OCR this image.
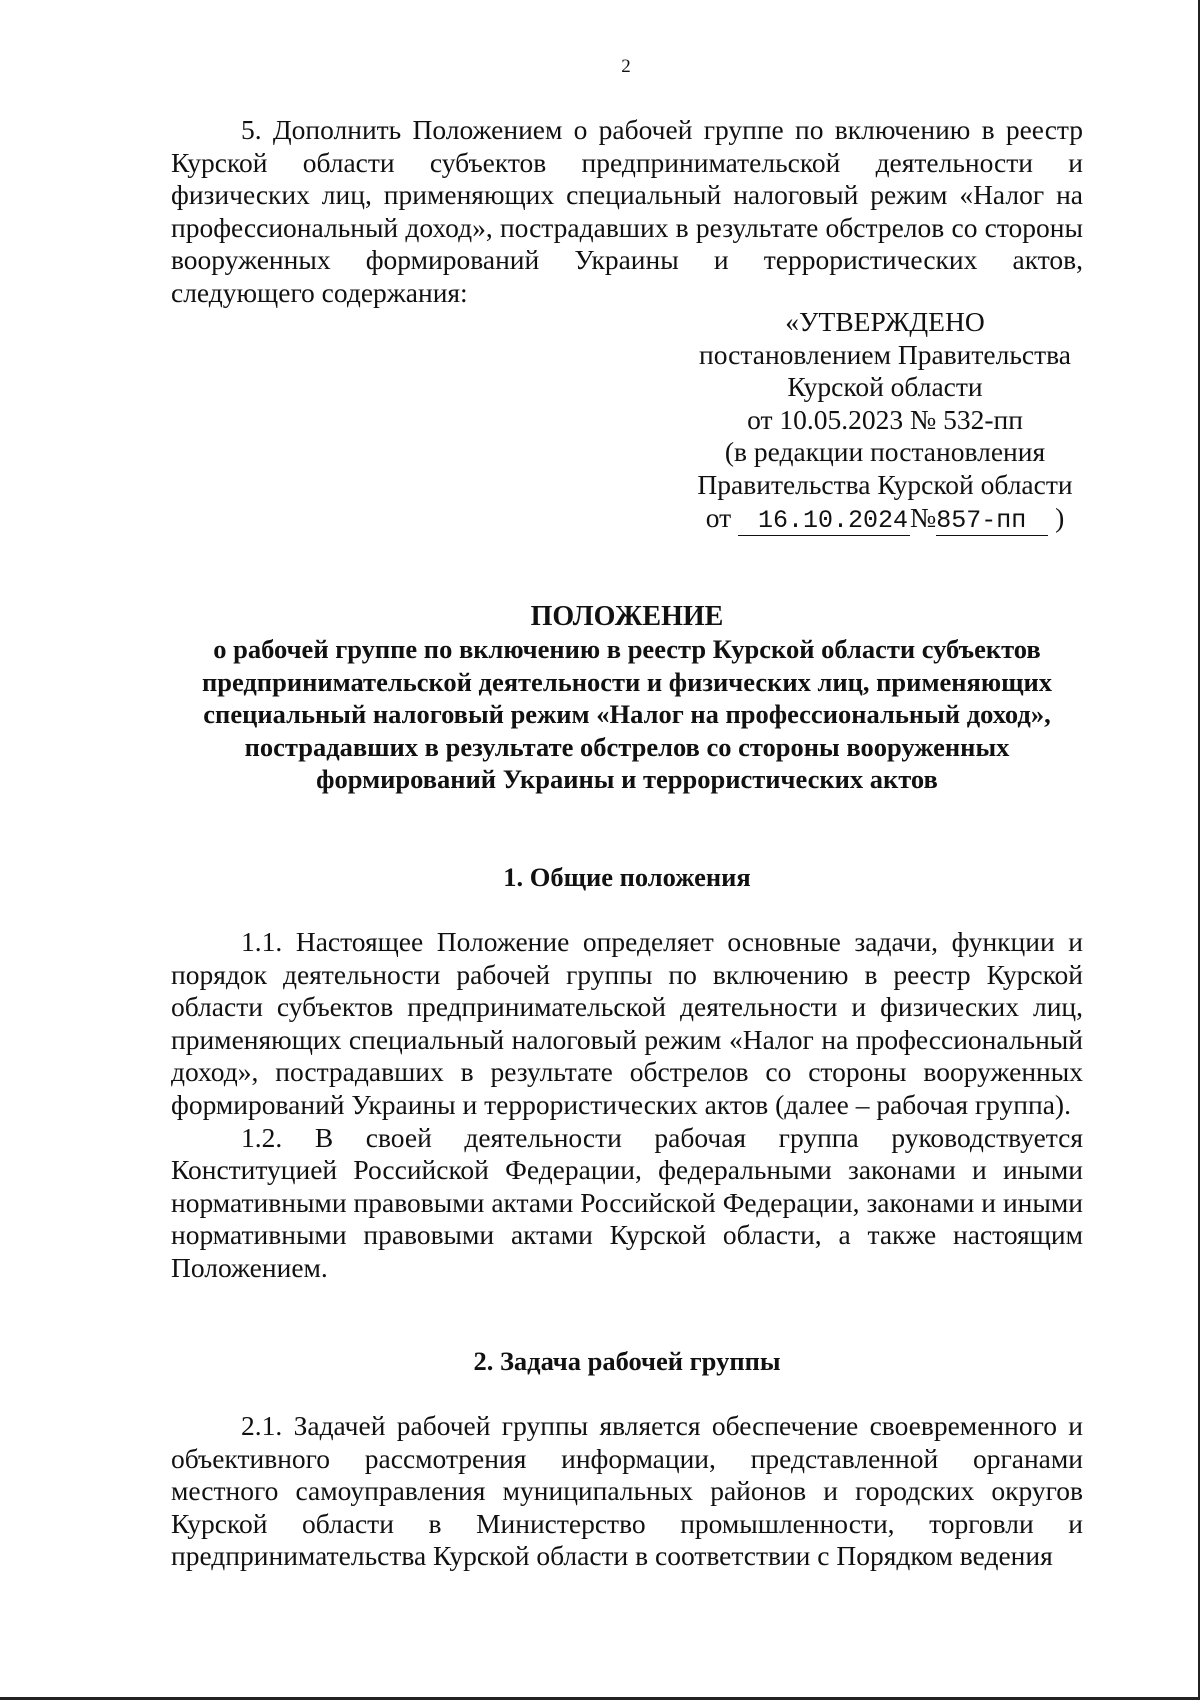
2

5. Дополнить Положением о рабочей группе по включению в реестр Курской области субъектов предпринимательской деятельности и физических лиц, применяющих специальный налоговый режим «Налог на профессиональный доход», пострадавших в результате обстрелов со стороны вооруженных формирований Украины и террористических актов, следующего содержания:

«УТВЕРЖДЕНО
постановлением Правительства
Курской области
от 10.05.2023 № 532-пп
(в редакции постановления
Правительства Курской области
от 16.10.2024№857-пп )
ПОЛОЖЕНИЕ
о рабочей группе по включению в реестр Курской области субъектов предпринимательской деятельности и физических лиц, применяющих специальный налоговый режим «Налог на профессиональный доход», пострадавших в результате обстрелов со стороны вооруженных формирований Украины и террористических актов
1. Общие положения

1.1. Настоящее Положение определяет основные задачи, функции и порядок деятельности рабочей группы по включению в реестр Курской области субъектов предпринимательской деятельности и физических лиц, применяющих специальный налоговый режим «Налог на профессиональный доход», пострадавших в результате обстрелов со стороны вооруженных формирований Украины и террористических актов (далее – рабочая группа).

1.2. В своей деятельности рабочая группа руководствуется Конституцией Российской Федерации, федеральными законами и иными нормативными правовыми актами Российской Федерации, законами и иными нормативными правовыми актами Курской области, а также настоящим Положением.

2. Задача рабочей группы

2.1. Задачей рабочей группы является обеспечение своевременного и объективного рассмотрения информации, представленной органами местного самоуправления муниципальных районов и городских округов Курской области в Министерство промышленности, торговли и предпринимательства Курской области в соответствии с Порядком ведения
